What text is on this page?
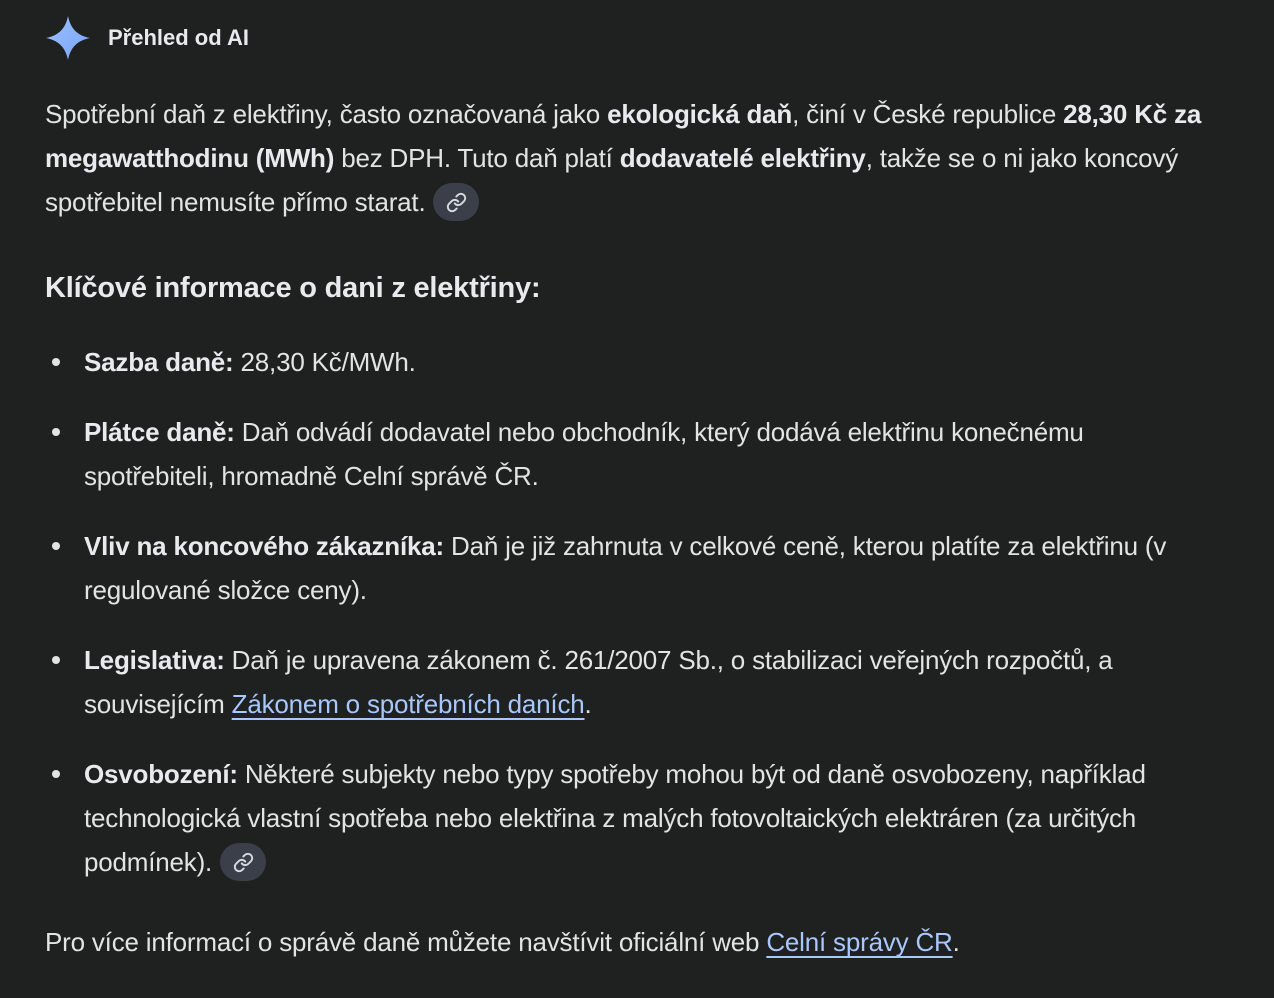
Přehled od AI

Spotřební daň z elektřiny, často označovaná jako ekologická daň, činí v České republice 28,30 Kč za megawatthodinu (MWh) bez DPH. Tuto daň platí dodavatelé elektřiny, takže se o ni jako koncový spotřebitel nemusíte přímo starat.

Klíčové informace o dani z elektřiny:
Sazba daně: 28,30 Kč/MWh.
Plátce daně: Daň odvádí dodavatel nebo obchodník, který dodává elektřinu konečnému spotřebiteli, hromadně Celní správě ČR.
Vliv na koncového zákazníka: Daň je již zahrnuta v celkové ceně, kterou platíte za elektřinu (v regulované složce ceny).
Legislativa: Daň je upravena zákonem č. 261/2007 Sb., o stabilizaci veřejných rozpočtů, a souvisejícím Zákonem o spotřebních daních.
Osvobození: Některé subjekty nebo typy spotřeby mohou být od daně osvobozeny, například technologická vlastní spotřeba nebo elektřina z malých fotovoltaických elektráren (za určitých podmínek).

Pro více informací o správě daně můžete navštívit oficiální web Celní správy ČR.
